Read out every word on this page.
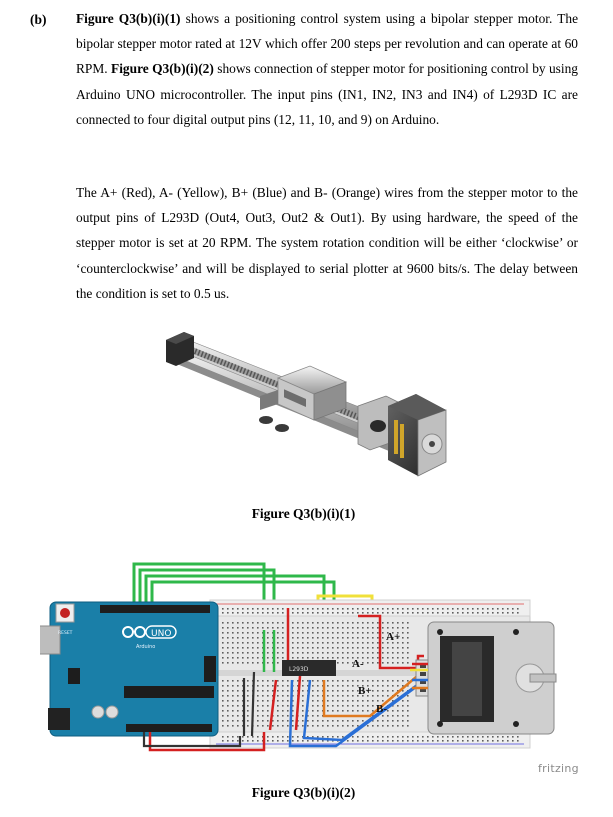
(b) Figure Q3(b)(i)(1) shows a positioning control system using a bipolar stepper motor. The bipolar stepper motor rated at 12V which offer 200 steps per revolution and can operate at 60 RPM. Figure Q3(b)(i)(2) shows connection of stepper motor for positioning control by using Arduino UNO microcontroller. The input pins (IN1, IN2, IN3 and IN4) of L293D IC are connected to four digital output pins (12, 11, 10, and 9) on Arduino.
The A+ (Red), A- (Yellow), B+ (Blue) and B- (Orange) wires from the stepper motor to the output pins of L293D (Out4, Out3, Out2 & Out1). By using hardware, the speed of the stepper motor is set at 20 RPM. The system rotation condition will be either ‘clockwise’ or ‘counterclockwise’ and will be displayed to serial plotter at 9600 bits/s. The delay between the condition is set to 0.5 us.
Figure Q3(b)(i)(1)
RESET	UNO
Arduino
L293D
A+
A-
B+
B-
fritzing
Figure Q3(b)(i)(2)
